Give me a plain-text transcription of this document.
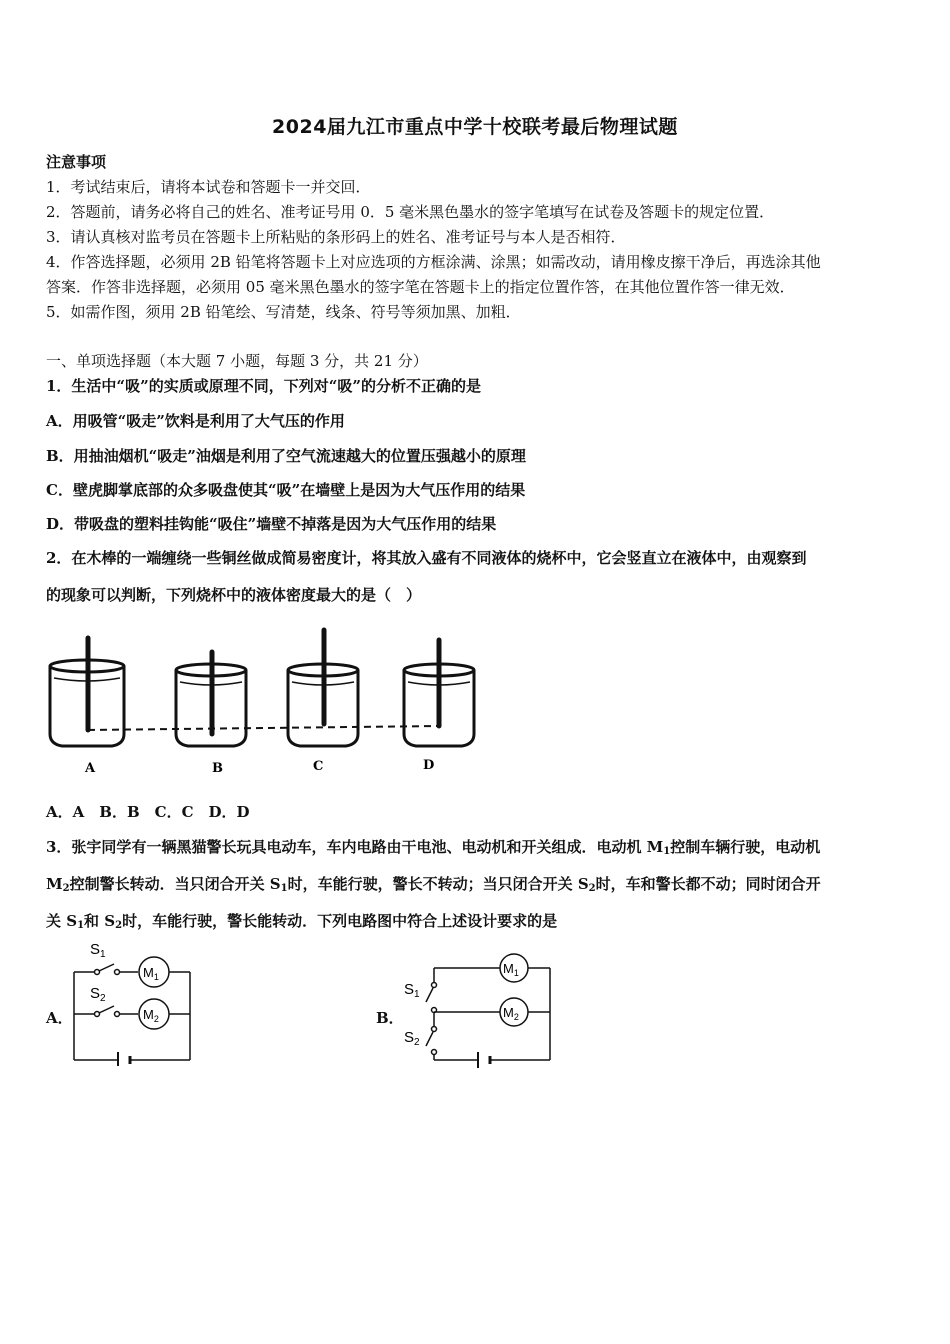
2024届九江市重点中学十校联考最后物理试题
注意事项
1．考试结束后，请将本试卷和答题卡一并交回．
2．答题前，请务必将自己的姓名、准考证号用 0．5 毫米黑色墨水的签字笔填写在试卷及答题卡的规定位置．
3．请认真核对监考员在答题卡上所粘贴的条形码上的姓名、准考证号与本人是否相符．
4．作答选择题，必须用 2B 铅笔将答题卡上对应选项的方框涂满、涂黑；如需改动，请用橡皮擦干净后，再选涂其他
答案．作答非选择题，必须用 05 毫米黑色墨水的签字笔在答题卡上的指定位置作答，在其他位置作答一律无效．
5．如需作图，须用 2B 铅笔绘、写清楚，线条、符号等须加黑、加粗．
一、单项选择题（本大题 7 小题，每题 3 分，共 21 分）
1．生活中“吸”的实质或原理不同，下列对“吸”的分析不正确的是
A．用吸管“吸走”饮料是利用了大气压的作用
B．用抽油烟机“吸走”油烟是利用了空气流速越大的位置压强越小的原理
C．壁虎脚掌底部的众多吸盘使其“吸”在墙壁上是因为大气压作用的结果
D．带吸盘的塑料挂钩能“吸住”墙壁不掉落是因为大气压作用的结果
2．在木棒的一端缠绕一些铜丝做成简易密度计，将其放入盛有不同液体的烧杯中，它会竖直立在液体中，由观察到
的现象可以判断，下列烧杯中的液体密度最大的是（　）
A	B	C	D
A．A　B．B　C．C　D．D
3．张宇同学有一辆黑猫警长玩具电动车，车内电路由干电池、电动机和开关组成．电动机 $M_1$控制车辆行驶，电动机
$M_2$控制警长转动．当只闭合开关 $S_1$时，车能行驶，警长不转动；当只闭合开关 $S_2$时，车和警长都不动；同时闭合开
关 $S_1$和 $S_2$时，车能行驶，警长能转动．下列电路图中符合上述设计要求的是
A．
$S_1$
$S_2$
$M_1$
$M_2$	B．
$S_1$
$S_2$
$M_1$
$M_2$
